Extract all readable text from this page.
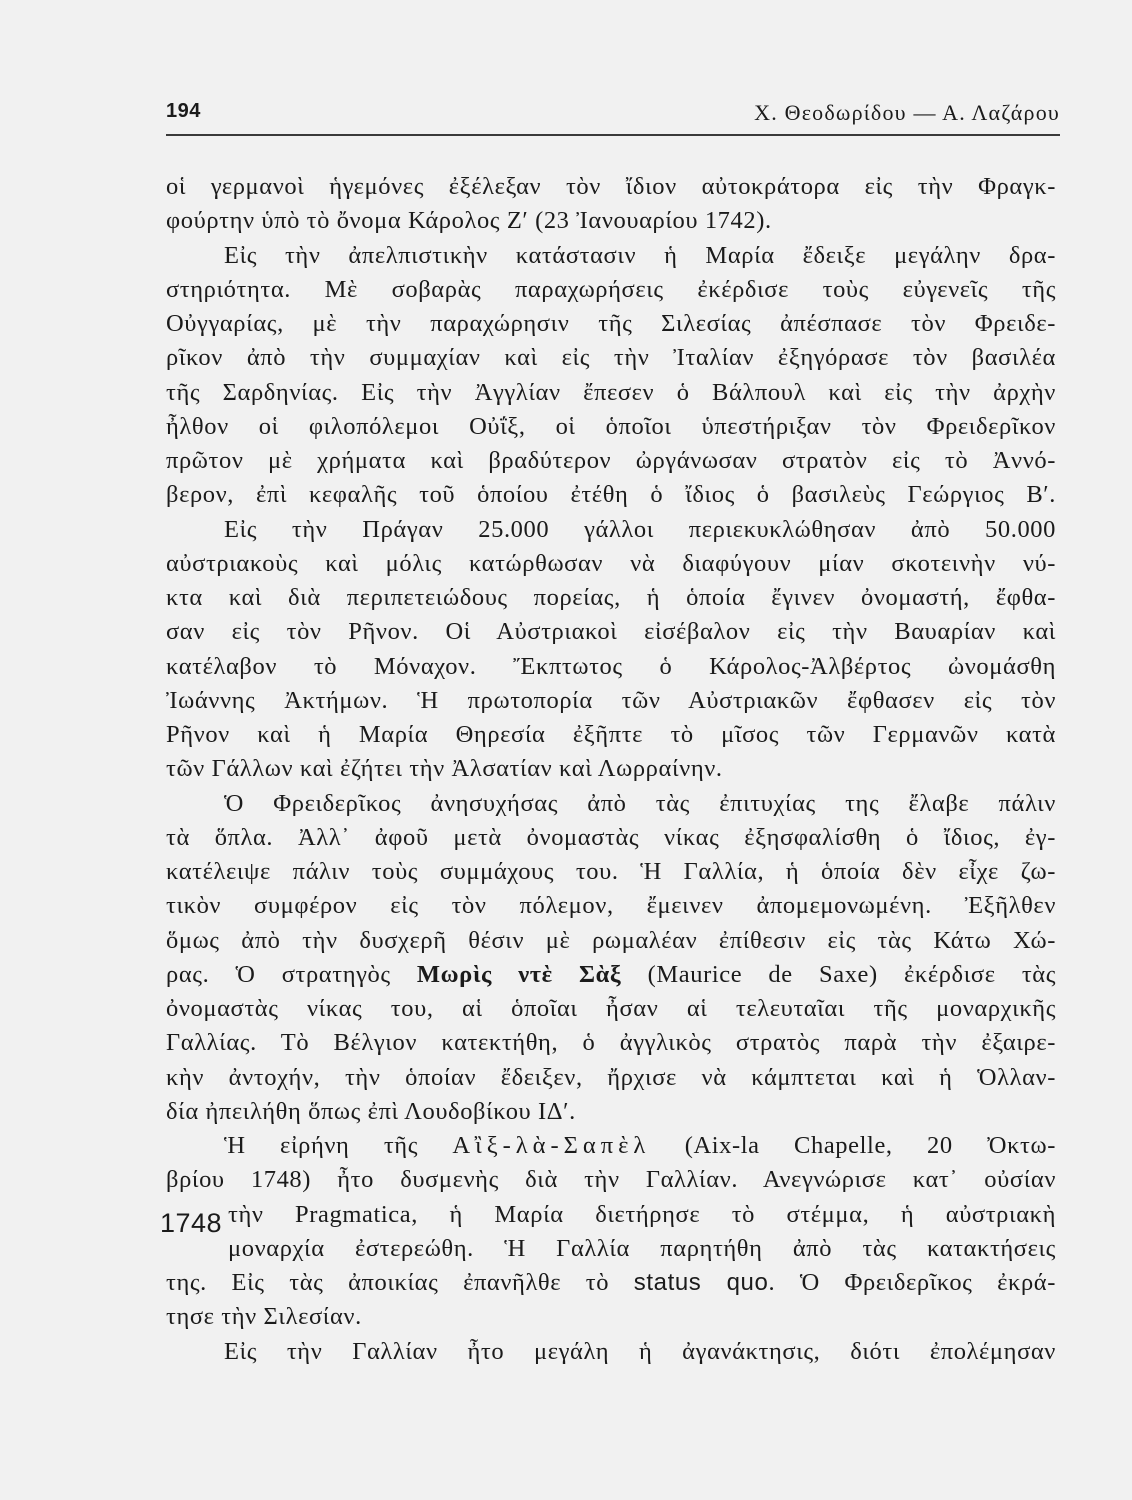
194	Χ. Θεοδωρίδου — Α. Λαζάρου
1748
οἱ γερμανοὶ ἡγεμόνες ἐξέλεξαν τὸν ἴδιον αὐτοκράτορα εἰς τὴν Φραγκ-
φούρτην ὑπὸ τὸ ὄνομα Κάρολος Ζ′ (23 Ἰανουαρίου 1742).
Εἰς τὴν ἀπελπιστικὴν κατάστασιν ἡ Μαρία ἔδειξε μεγάλην δρα-
στηριότητα. Μὲ σοβαρὰς παραχωρήσεις ἐκέρδισε τοὺς εὐγενεῖς τῆς
Οὐγγαρίας, μὲ τὴν παραχώρησιν τῆς Σιλεσίας ἀπέσπασε τὸν Φρειδε-
ρῖκον ἀπὸ τὴν συμμαχίαν καὶ εἰς τὴν Ἰταλίαν ἐξηγόρασε τὸν βασιλέα
τῆς Σαρδηνίας. Εἰς τὴν Ἀγγλίαν ἔπεσεν ὁ Βάλπουλ καὶ εἰς τὴν ἀρχὴν
ἦλθον οἱ φιλοπόλεμοι Οὐΐξ, οἱ ὁποῖοι ὑπεστήριξαν τὸν Φρειδερῖκον
πρῶτον μὲ χρήματα καὶ βραδύτερον ὠργάνωσαν στρατὸν εἰς τὸ Ἀννό-
βερον, ἐπὶ κεφαλῆς τοῦ ὁποίου ἐτέθη ὁ ἴδιος ὁ βασιλεὺς Γεώργιος Β′.
Εἰς τὴν Πράγαν 25.000 γάλλοι περιεκυκλώθησαν ἀπὸ 50.000
αὐστριακοὺς καὶ μόλις κατώρθωσαν νὰ διαφύγουν μίαν σκοτεινὴν νύ-
κτα καὶ διὰ περιπετειώδους πορείας, ἡ ὁποία ἔγινεν ὀνομαστή, ἔφθα-
σαν εἰς τὸν Ρῆνον. Οἱ Αὐστριακοὶ εἰσέβαλον εἰς τὴν Βαυαρίαν καὶ
κατέλαβον τὸ Μόναχον. Ἔκπτωτος ὁ Κάρολος-Ἀλβέρτος ὠνομάσθη
Ἰωάννης Ἀκτήμων. Ἡ πρωτοπορία τῶν Αὐστριακῶν ἔφθασεν εἰς τὸν
Ρῆνον καὶ ἡ Μαρία Θηρεσία ἐξῆπτε τὸ μῖσος τῶν Γερμανῶν κατὰ
τῶν Γάλλων καὶ ἐζήτει τὴν Ἀλσατίαν καὶ Λωρραίνην.
Ὁ Φρειδερῖκος ἀνησυχήσας ἀπὸ τὰς ἐπιτυχίας της ἔλαβε πάλιν
τὰ ὅπλα. Ἀλλ᾽ ἀφοῦ μετὰ ὀνομαστὰς νίκας ἐξησφαλίσθη ὁ ἴδιος, ἐγ-
κατέλειψε πάλιν τοὺς συμμάχους του. Ἡ Γαλλία, ἡ ὁποία δὲν εἶχε ζω-
τικὸν συμφέρον εἰς τὸν πόλεμον, ἔμεινεν ἀπομεμονωμένη. Ἐξῆλθεν
ὅμως ἀπὸ τὴν δυσχερῆ θέσιν μὲ ρωμαλέαν ἐπίθεσιν εἰς τὰς Κάτω Χώ-
ρας. Ὁ στρατηγὸς Μωρὶς ντὲ Σὰξ (Maurice de Saxe) ἐκέρδισε τὰς
ὀνομαστὰς νίκας του, αἱ ὁποῖαι ἦσαν αἱ τελευταῖαι τῆς μοναρχικῆς
Γαλλίας. Τὸ Βέλγιον κατεκτήθη, ὁ ἀγγλικὸς στρατὸς παρὰ τὴν ἐξαιρε-
κὴν ἀντοχήν, τὴν ὁποίαν ἔδειξεν, ἤρχισε νὰ κάμπτεται καὶ ἡ Ὁλλαν-
δία ἠπειλήθη ὅπως ἐπὶ Λουδοβίκου ΙΔ′.
Ἡ εἰρήνη τῆς Αἲξ-λὰ-Σαπὲλ (Aix-la Chapelle, 20 Ὀκτω-
βρίου 1748) ἦτο δυσμενὴς διὰ τὴν Γαλλίαν. Ανεγνώρισε κατ᾽ οὐσίαν
τὴν Pragmatica, ἡ Μαρία διετήρησε τὸ στέμμα, ἡ αὐστριακὴ
μοναρχία ἐστερεώθη. Ἡ Γαλλία παρητήθη ἀπὸ τὰς κατακτήσεις
της. Εἰς τὰς ἀποικίας ἐπανῆλθε τὸ status quo. Ὁ Φρειδερῖκος ἐκρά-
τησε τὴν Σιλεσίαν.
Εἰς τὴν Γαλλίαν ἦτο μεγάλη ἡ ἀγανάκτησις, διότι ἐπολέμησαν
